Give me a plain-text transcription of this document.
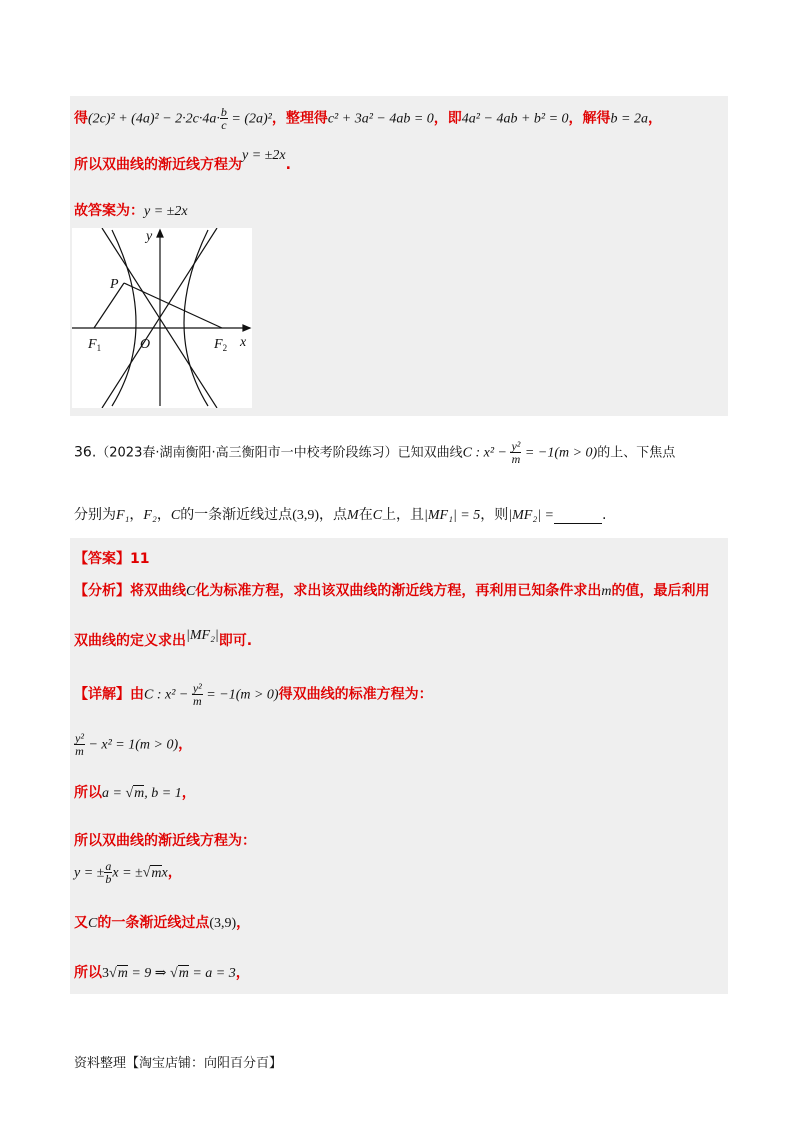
得$(2c)^2 + (4a)^2 - 2\cdot 2c\cdot 4a\cdot \frac{b}{c} = (2a)^2$，整理得c² + 3a² − 4ab = 0，即4a² − 4ab + b² = 0，解得b = 2a，
所以双曲线的渐近线方程为y = ±2x.
故答案为：y = ±2x
y
x
P
O
$F_1$	$F_2$
36.（2023春·湖南衡阳·高三衡阳市一中校考阶段练习）已知双曲线C : $x^2 - \frac{\text{y²}}{m} = -1(m > 0)$的上、下焦点
分别为F₁，F₂，C的一条渐近线过点(3,9)，点M在C上，且|MF₁| = 5，则|MF₂| =	.
【答案】11
【分析】将双曲线C化为标准方程，求出该双曲线的渐近线方程，再利用已知条件求出m的值，最后利用
双曲线的定义求出|MF₂|即可.
【详解】由C : $x^2 - \frac{\text{y²}}{m} = -1(m > 0)$得双曲线的标准方程为：
$\frac{\text{y²}}{m} - x^2 = 1(m > 0)$，
所以a = √m, b = 1，
所以双曲线的渐近线方程为：
y = ± $\frac{a}{b}$ x = ±√mx，
又C的一条渐近线过点(3,9)，
所以3√m = 9 ⇒ √m = a = 3，
资料整理【淘宝店铺：向阳百分百】
